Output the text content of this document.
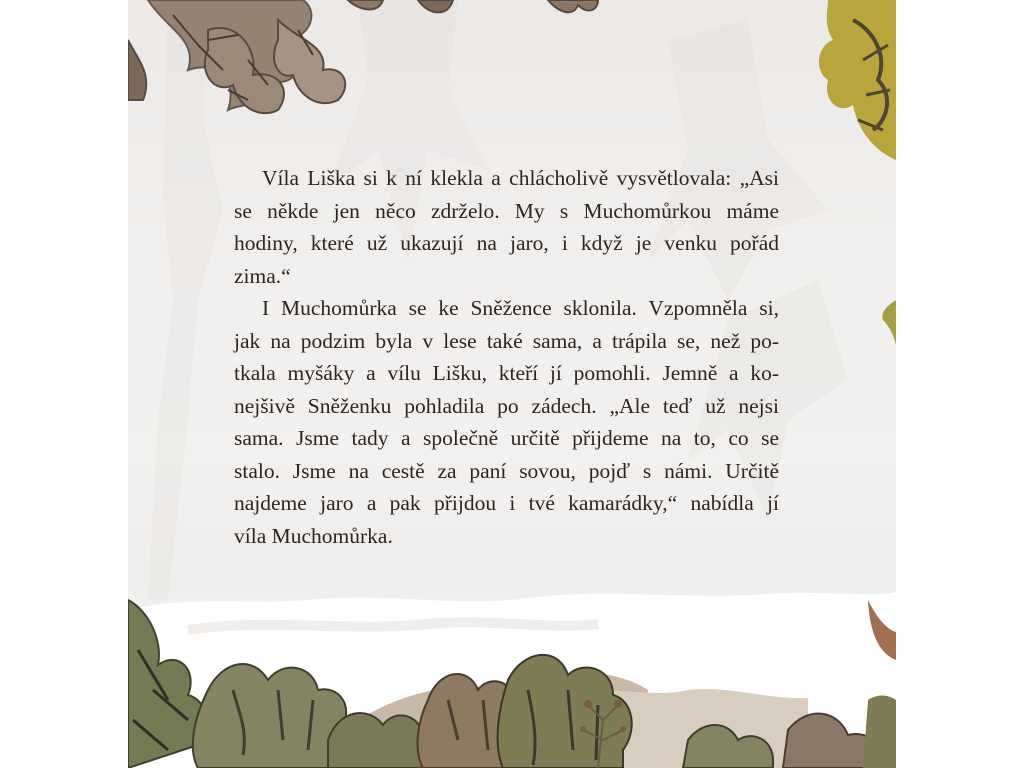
Víla Liška si k ní klekla a chlácholivě vysvětlovala: „Asi
se někde jen něco zdrželo. My s Muchomůrkou máme
hodiny, které už ukazují na jaro, i když je venku pořád
zima.“
I Muchomůrka se ke Sněžence sklonila. Vzpomněla si,
jak na podzim byla v lese také sama, a trápila se, než po-
tkala myšáky a vílu Lišku, kteří jí pomohli. Jemně a ko-
nejšivě Sněženku pohladila po zádech. „Ale teď už nejsi
sama. Jsme tady a společně určitě přijdeme na to, co se
stalo. Jsme na cestě za paní sovou, pojď s námi. Určitě
najdeme jaro a pak přijdou i tvé kamarádky,“ nabídla jí
víla Muchomůrka.
